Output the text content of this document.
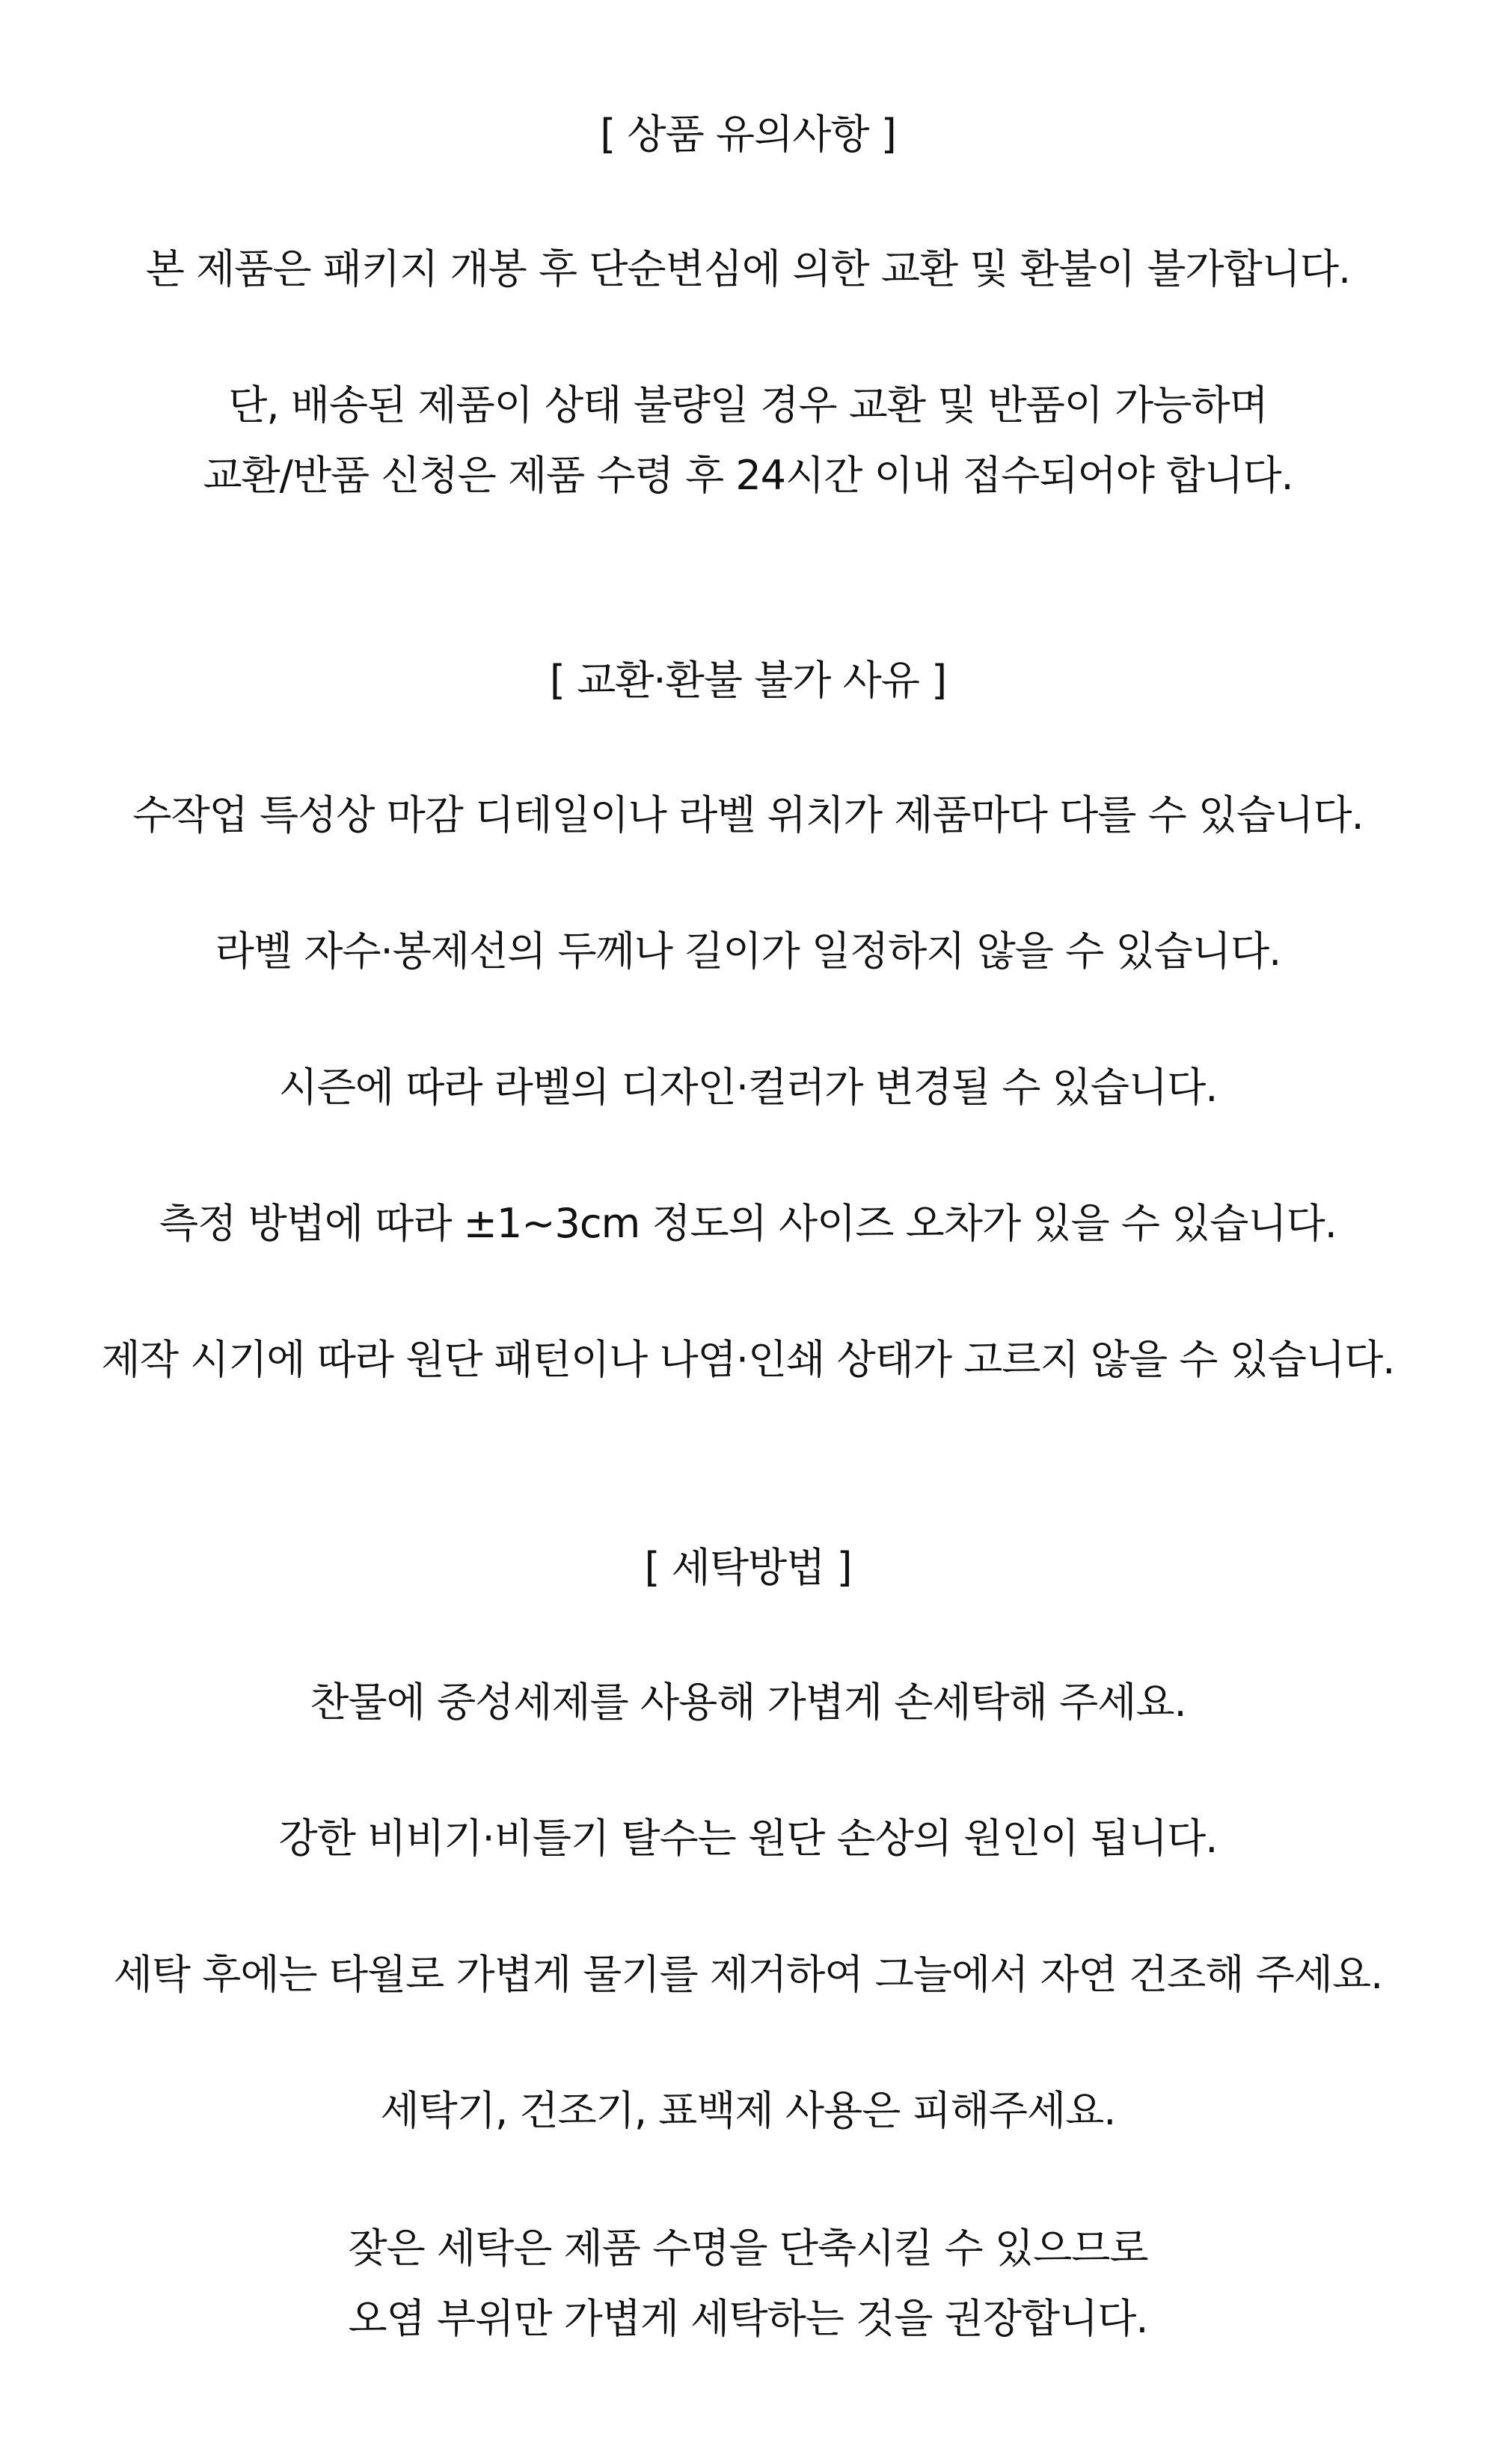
[ 상품 유의사항 ]
본 제품은 패키지 개봉 후 단순변심에 의한 교환 및 환불이 불가합니다.
단, 배송된 제품이 상태 불량일 경우 교환 및 반품이 가능하며
교환/반품 신청은 제품 수령 후 24시간 이내 접수되어야 합니다.
[ 교환·환불 불가 사유 ]
수작업 특성상 마감 디테일이나 라벨 위치가 제품마다 다를 수 있습니다.
라벨 자수·봉제선의 두께나 길이가 일정하지 않을 수 있습니다.
시즌에 따라 라벨의 디자인·컬러가 변경될 수 있습니다.
측정 방법에 따라 ±1~3cm 정도의 사이즈 오차가 있을 수 있습니다.
제작 시기에 따라 원단 패턴이나 나염·인쇄 상태가 고르지 않을 수 있습니다.
[ 세탁방법 ]
찬물에 중성세제를 사용해 가볍게 손세탁해 주세요.
강한 비비기·비틀기 탈수는 원단 손상의 원인이 됩니다.
세탁 후에는 타월로 가볍게 물기를 제거하여 그늘에서 자연 건조해 주세요.
세탁기, 건조기, 표백제 사용은 피해주세요.
잦은 세탁은 제품 수명을 단축시킬 수 있으므로
오염 부위만 가볍게 세탁하는 것을 권장합니다.
